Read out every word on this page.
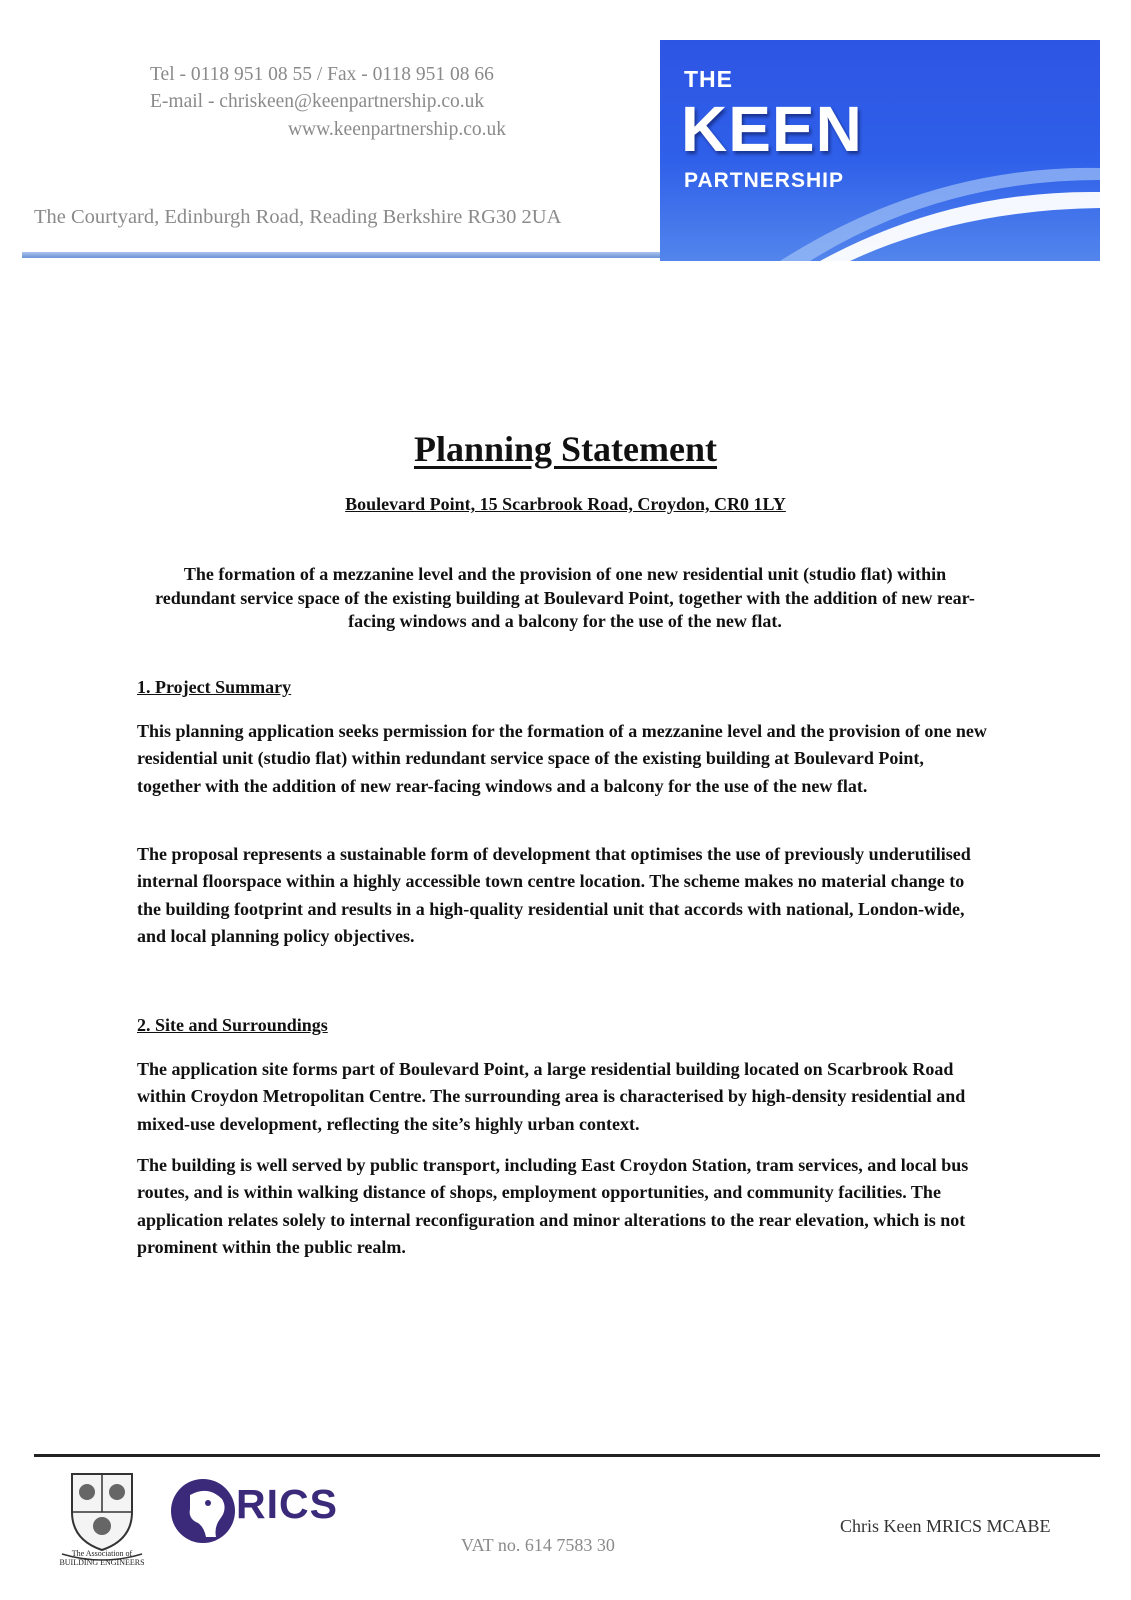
Tel - 0118 951 08 55 / Fax - 0118 951 08 66
E-mail - chriskeen@keenpartnership.co.uk
www.keenpartnership.co.uk
The Courtyard, Edinburgh Road, Reading Berkshire RG30 2UA
THE
KEEN
PARTNERSHIP
Planning Statement
Boulevard Point, 15 Scarbrook Road, Croydon, CR0 1LY
The formation of a mezzanine level and the provision of one new residential unit (studio flat) within redundant service space of the existing building at Boulevard Point, together with the addition of new rear-facing windows and a balcony for the use of the new flat.
1. Project Summary

This planning application seeks permission for the formation of a mezzanine level and the provision of one new residential unit (studio flat) within redundant service space of the existing building at Boulevard Point, together with the addition of new rear-facing windows and a balcony for the use of the new flat.

The proposal represents a sustainable form of development that optimises the use of previously underutilised internal floorspace within a highly accessible town centre location. The scheme makes no material change to the building footprint and results in a high-quality residential unit that accords with national, London-wide, and local planning policy objectives.

2. Site and Surroundings

The application site forms part of Boulevard Point, a large residential building located on Scarbrook Road within Croydon Metropolitan Centre. The surrounding area is characterised by high-density residential and mixed-use development, reflecting the site’s highly urban context.

The building is well served by public transport, including East Croydon Station, tram services, and local bus routes, and is within walking distance of shops, employment opportunities, and community facilities. The application relates solely to internal reconfiguration and minor alterations to the rear elevation, which is not prominent within the public realm.

The Association of
BUILDING ENGINEERS
RICS
VAT no. 614 7583 30
Chris Keen MRICS MCABE
